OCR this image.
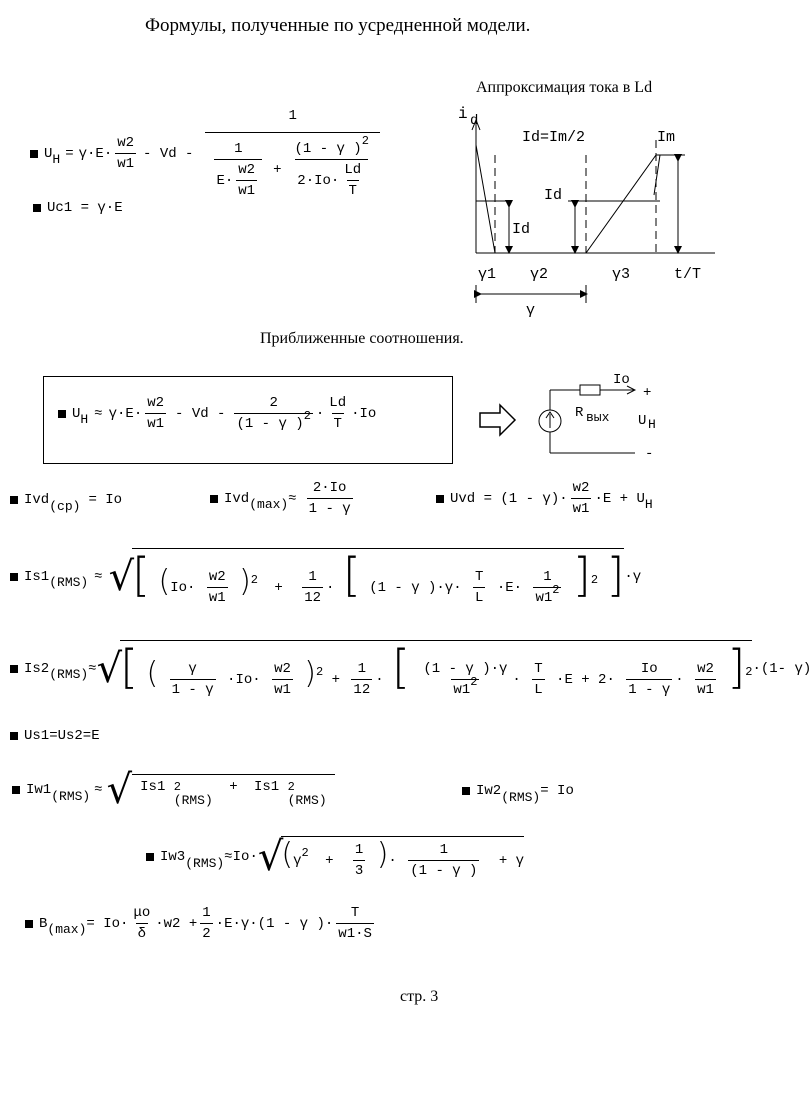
Формулы, полученные по усредненной модели.
U $H = \gamma\cdot E\cdot \frac{w2}{w1} - Vd - \frac{1}{\frac{1}{E\cdot \frac{w2}{w1}} + \frac{(1 - \gamma )2}{2\cdot Io\cdot \frac{Ld}{T}}}$
Uc1 = γ·E
Аппроксимация тока в Ld
i d
Id=Im/2	Im
Id
Id
γ1 γ2	γ3	t/T
γ
Приближенные соотношения.
U $H \approx \gamma\cdot E\cdot \frac{w2}{w1} - Vd - \frac{2}{(1 - \gamma )2} \cdot \frac{Ld}{T} \cdot Io$
Io
+
R вых U H
-
Ivd (cp) = Io	Ivd $(\max) \approx \frac{2\cdot Io}{1 - \gamma}$	Uvd = $(1 - \gamma)\cdot \frac{w2}{w1} \cdot E + U$ H
Is1 (RMS) ≈ √
[ $(Io\cdot \frac{w2}{w1} )2 + \frac{1}{12}$ · [ (1 - γ )$\cdot\gamma\cdot \frac{T}{L} \cdot E\cdot \frac{1}{w12} ]2$ ] ·γ
Is2 (RMS) ≈ √
[ ( $\frac{\gamma}{1 - \gamma} \cdot Io\cdot \frac{w2}{w1} )2 + \frac{1}{12}$ · [ $\frac{(1 - \gamma )\cdot\gamma}{w12} \cdot \frac{T}{L} \cdot E + 2\cdot \frac{Io}{1 - \gamma} \cdot \frac{w2}{w1} ]2 \cdot(1-$ γ)
Us1=Us2=E
Iw1 (RMS) ≈ √ Is1 2
(RMS)
+ Is1 2
(RMS)
Iw2 (RMS) = Io
Iw3 (RMS) ≈Io· √
($\gamma 2 + \frac{1}{3}$ )· $\frac{1}{(1 - \gamma )} + \gamma$
B $(\max) = Io\cdot \frac{\mu o}{\delta} \cdot w2 + \frac{1}{2} \cdot E\cdot\gamma\cdot(1 - \gamma$ )· $\frac{T}{w1\cdot S}$
стр. 3
